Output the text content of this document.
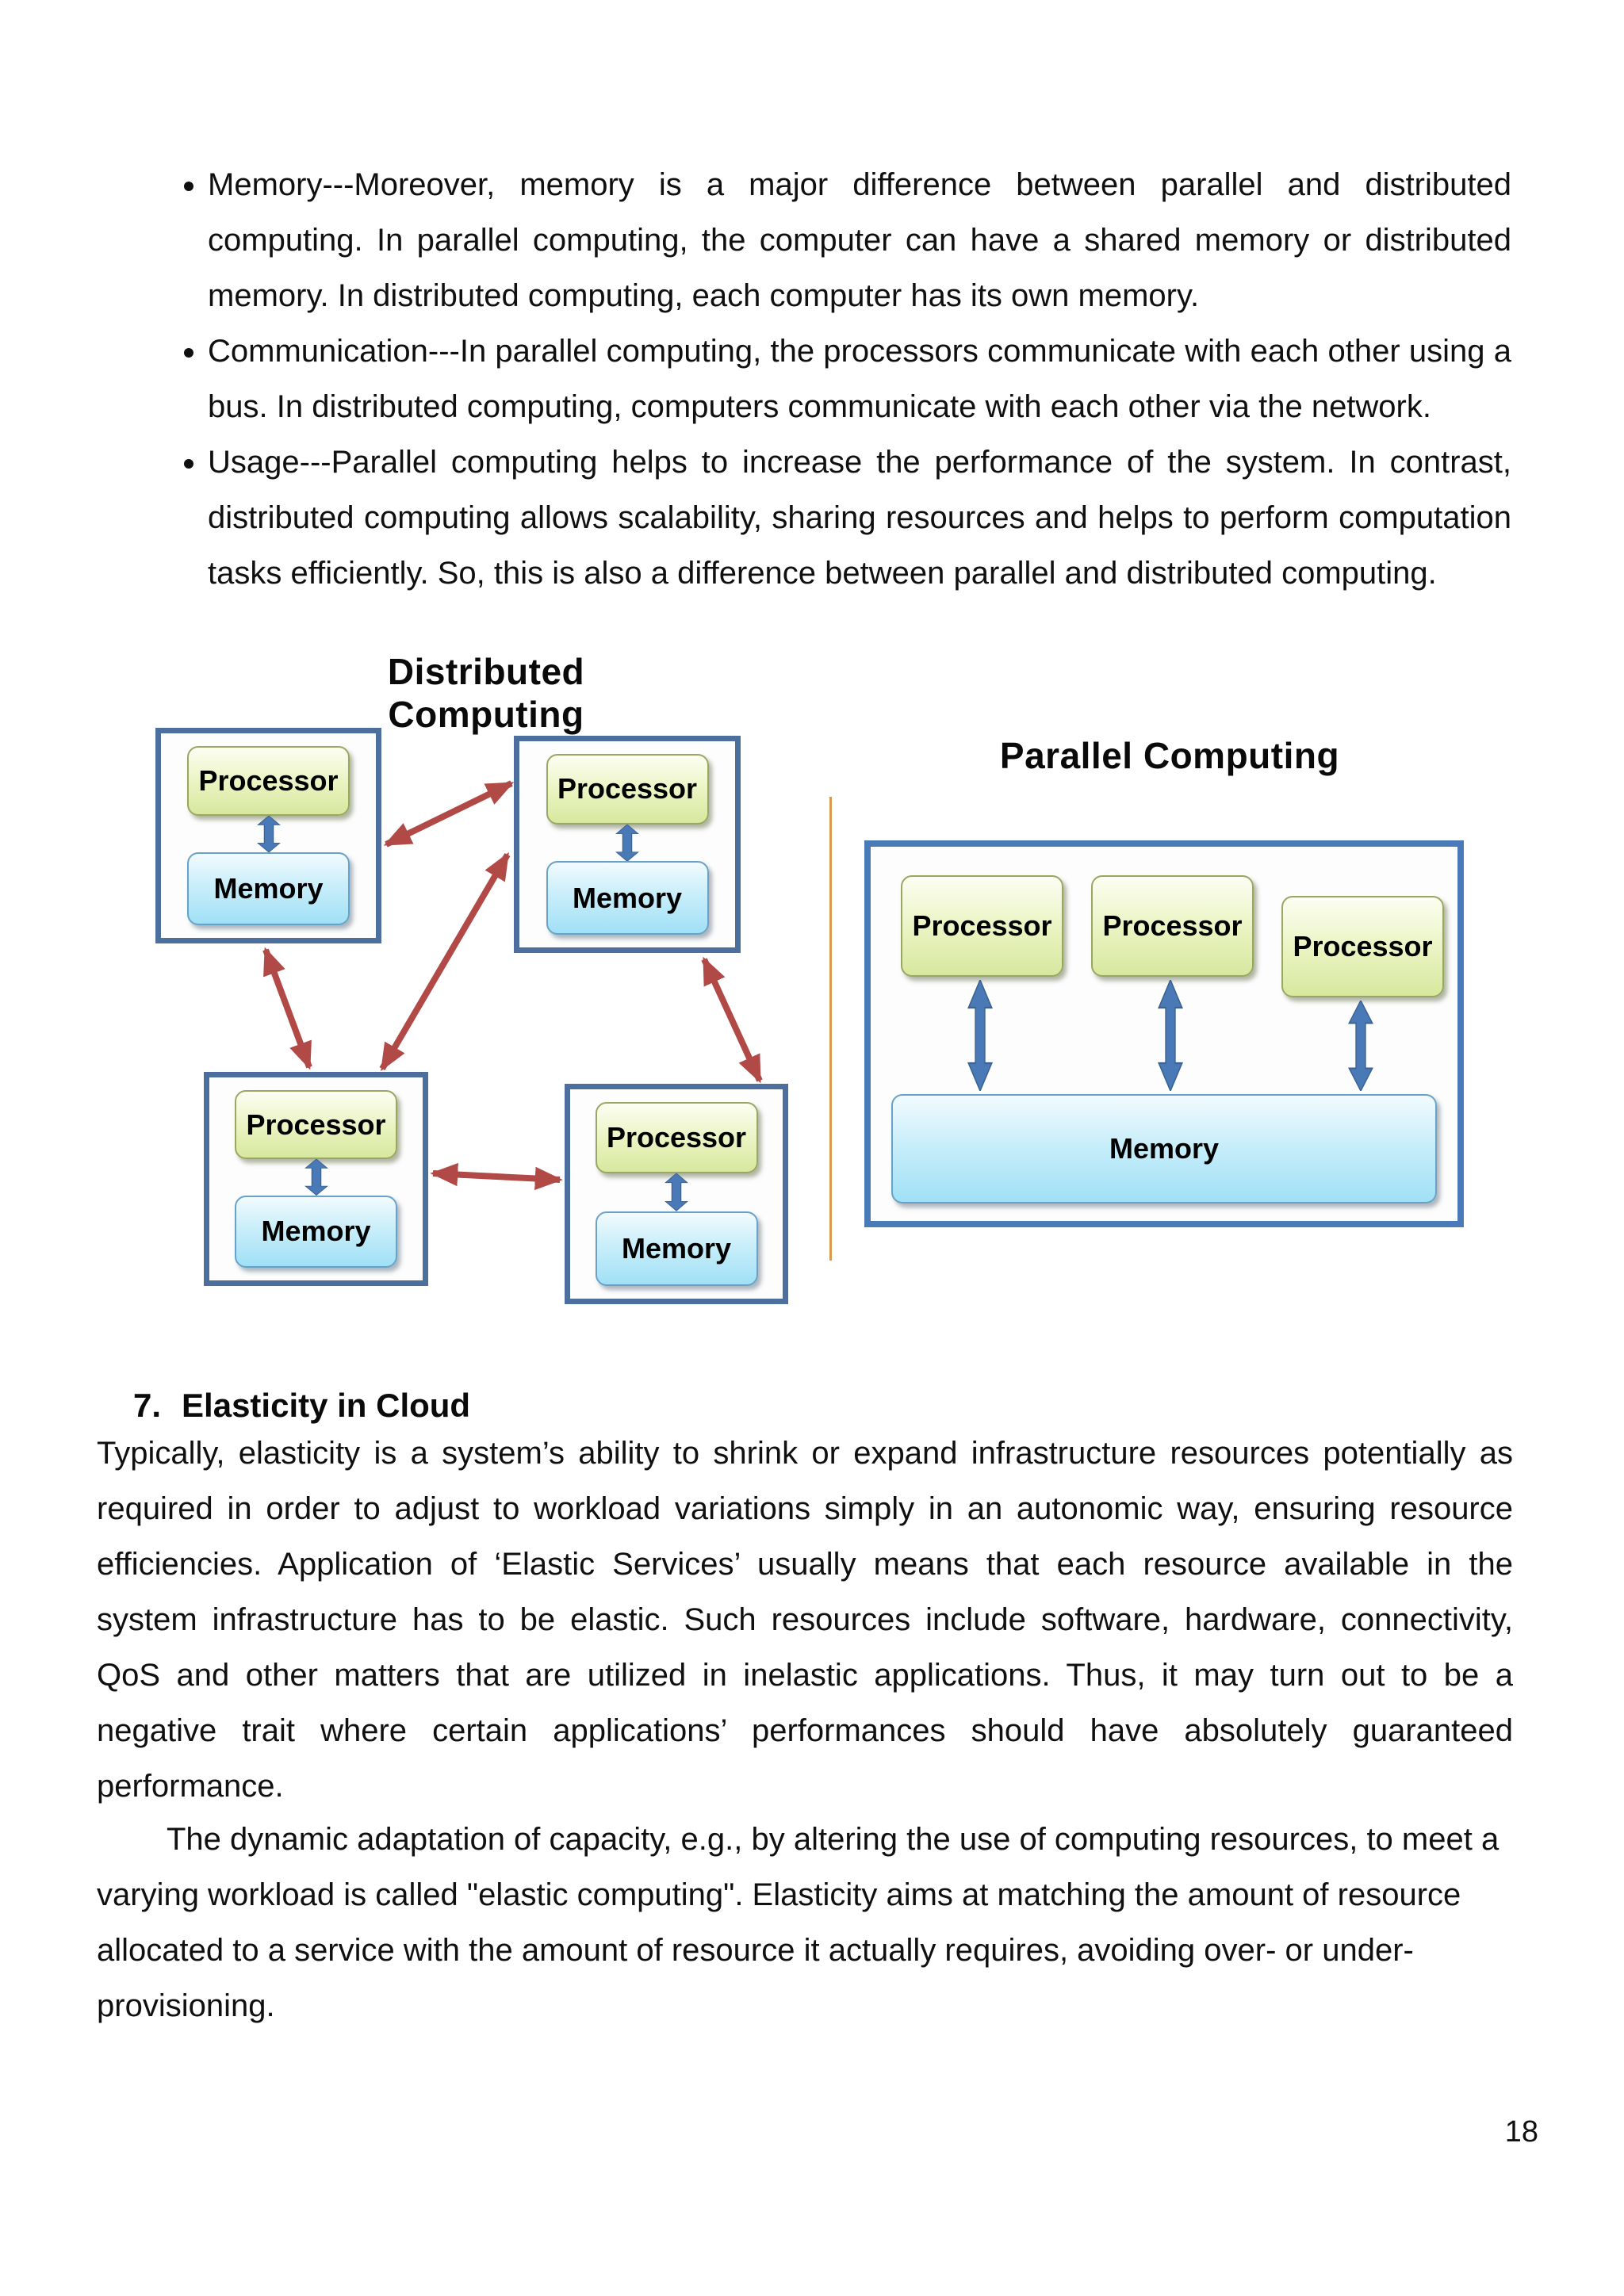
• Memory---Moreover, memory is a major difference between parallel and distributed computing. In parallel computing, the computer can have a shared memory or distributed memory. In distributed computing, each computer has its own memory.
• Communication---In parallel computing, the processors communicate with each other using a bus. In distributed computing, computers communicate with each other via the network.
• Usage---Parallel computing helps to increase the performance of the system. In contrast, distributed computing allows scalability, sharing resources and helps to perform computation tasks efficiently. So, this is also a difference between parallel and distributed computing.
Distributed Computing
Parallel Computing
Processor
Memory
Processor
Memory
Processor
Memory
Processor
Memory
Processor	Processor
Processor
Memory
7. Elasticity in Cloud
Typically, elasticity is a system’s ability to shrink or expand infrastructure resources potentially as required in order to adjust to workload variations simply in an autonomic way, ensuring resource efficiencies. Application of ‘Elastic Services’ usually means that each resource available in the system infrastructure has to be elastic. Such resources include software, hardware, connectivity, QoS and other matters that are utilized in inelastic applications. Thus, it may turn out to be a negative trait where certain applications’ performances should have absolutely guaranteed performance.
The dynamic adaptation of capacity, e.g., by altering the use of computing resources, to meet a varying workload is called "elastic computing". Elasticity aims at matching the amount of resource allocated to a service with the amount of resource it actually requires, avoiding over- or under-provisioning.
18
